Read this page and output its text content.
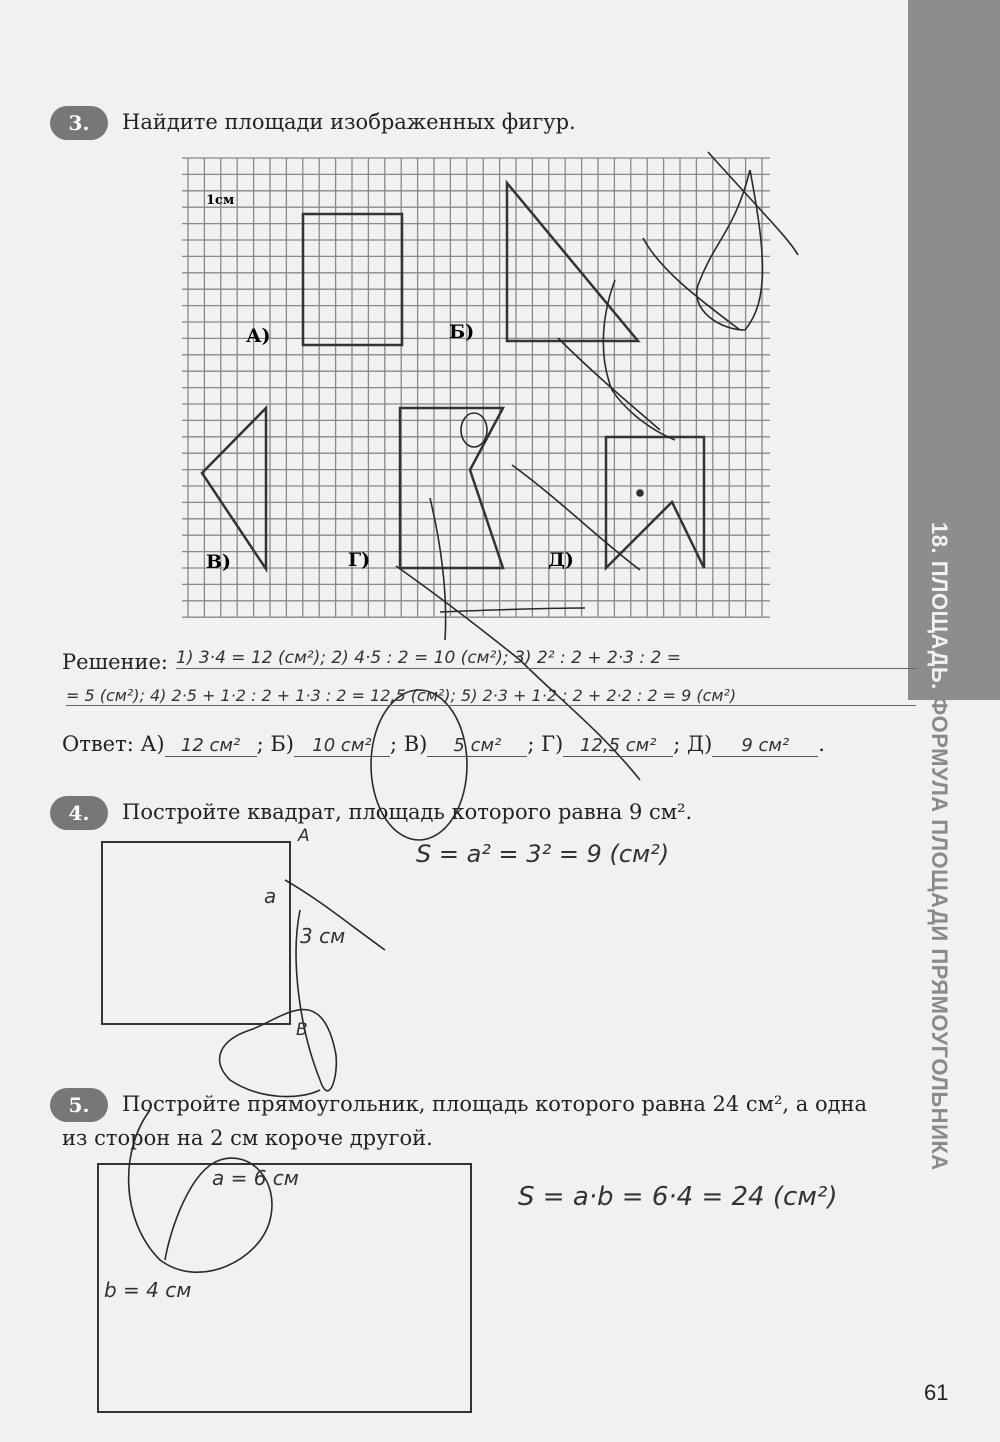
18. ПЛОЩАДЬ. ФОРМУЛА ПЛОЩАДИ ПРЯМОУГОЛЬНИКА
3.	Найдите площади изображенных фигур.
1см
А)	Б)
В)	Г)	Д)
Решение: 1) 3·4 = 12 (см²); 2) 4·5 : 2 = 10 (см²); 3) 2² : 2 + 2·3 : 2 =
= 5 (см²); 4) 2·5 + 1·2 : 2 + 1·3 : 2 = 12,5 (см²); 5) 2·3 + 1·2 : 2 + 2·2 : 2 = 9 (см²)
Ответ: А) 12 см² ; Б) 10 см² ; В) 5 см² ; Г) 12,5 см² ; Д) 9 см² .
4.	Постройте квадрат, площадь которого равна 9 см².
S = a² = 3² = 9 (см²)
А
a
3 см
В
5.	Постройте прямоугольник, площадь которого равна 24 см², а одна
из сторон на 2 см короче другой.
a = 6 см
b = 4 см
S = a·b = 6·4 = 24 (см²)
61
